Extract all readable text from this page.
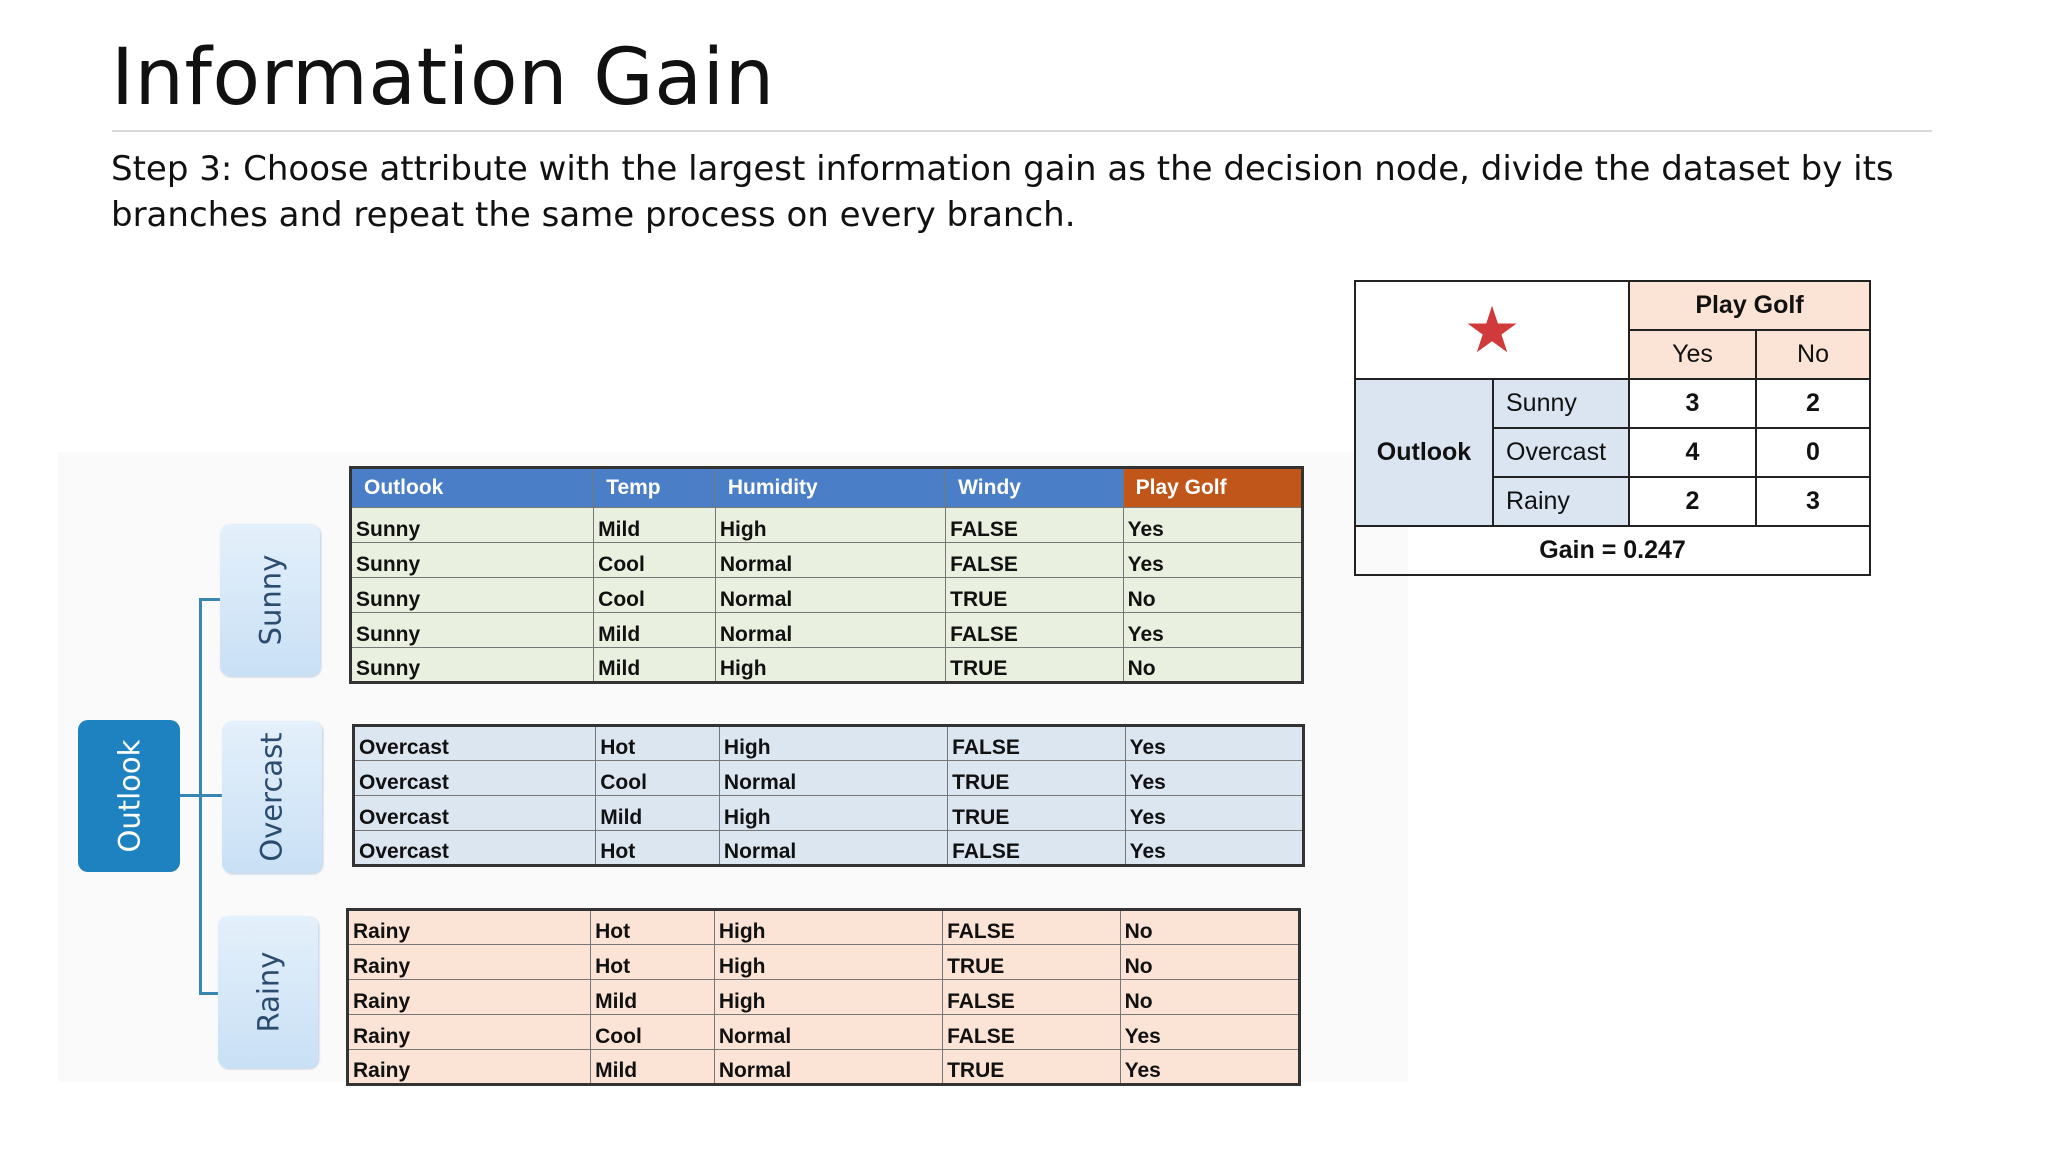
Information Gain
Step 3: Choose attribute with the largest information gain as the decision node, divide the dataset by its branches and repeat the same process on every branch.
Outlook
Sunny
Overcast
Rainy
Outlook	Temp	Humidity	Windy	Play Golf
Sunny	Mild	High	FALSE	Yes
Sunny	Cool	Normal	FALSE	Yes
Sunny	Cool	Normal	TRUE	No
Sunny	Mild	Normal	FALSE	Yes
Sunny	Mild	High	TRUE	No
Overcast	Hot	High	FALSE	Yes
Overcast	Cool	Normal	TRUE	Yes
Overcast	Mild	High	TRUE	Yes
Overcast	Hot	Normal	FALSE	Yes
Rainy	Hot	High	FALSE	No
Rainy	Hot	High	TRUE	No
Rainy	Mild	High	FALSE	No
Rainy	Cool	Normal	FALSE	Yes
Rainy	Mild	Normal	TRUE	Yes
★		Play Golf	
		Yes	No
Outlook	Sunny	3	2
	Overcast	4	0
	Rainy	2	3
Gain = 0.247			
